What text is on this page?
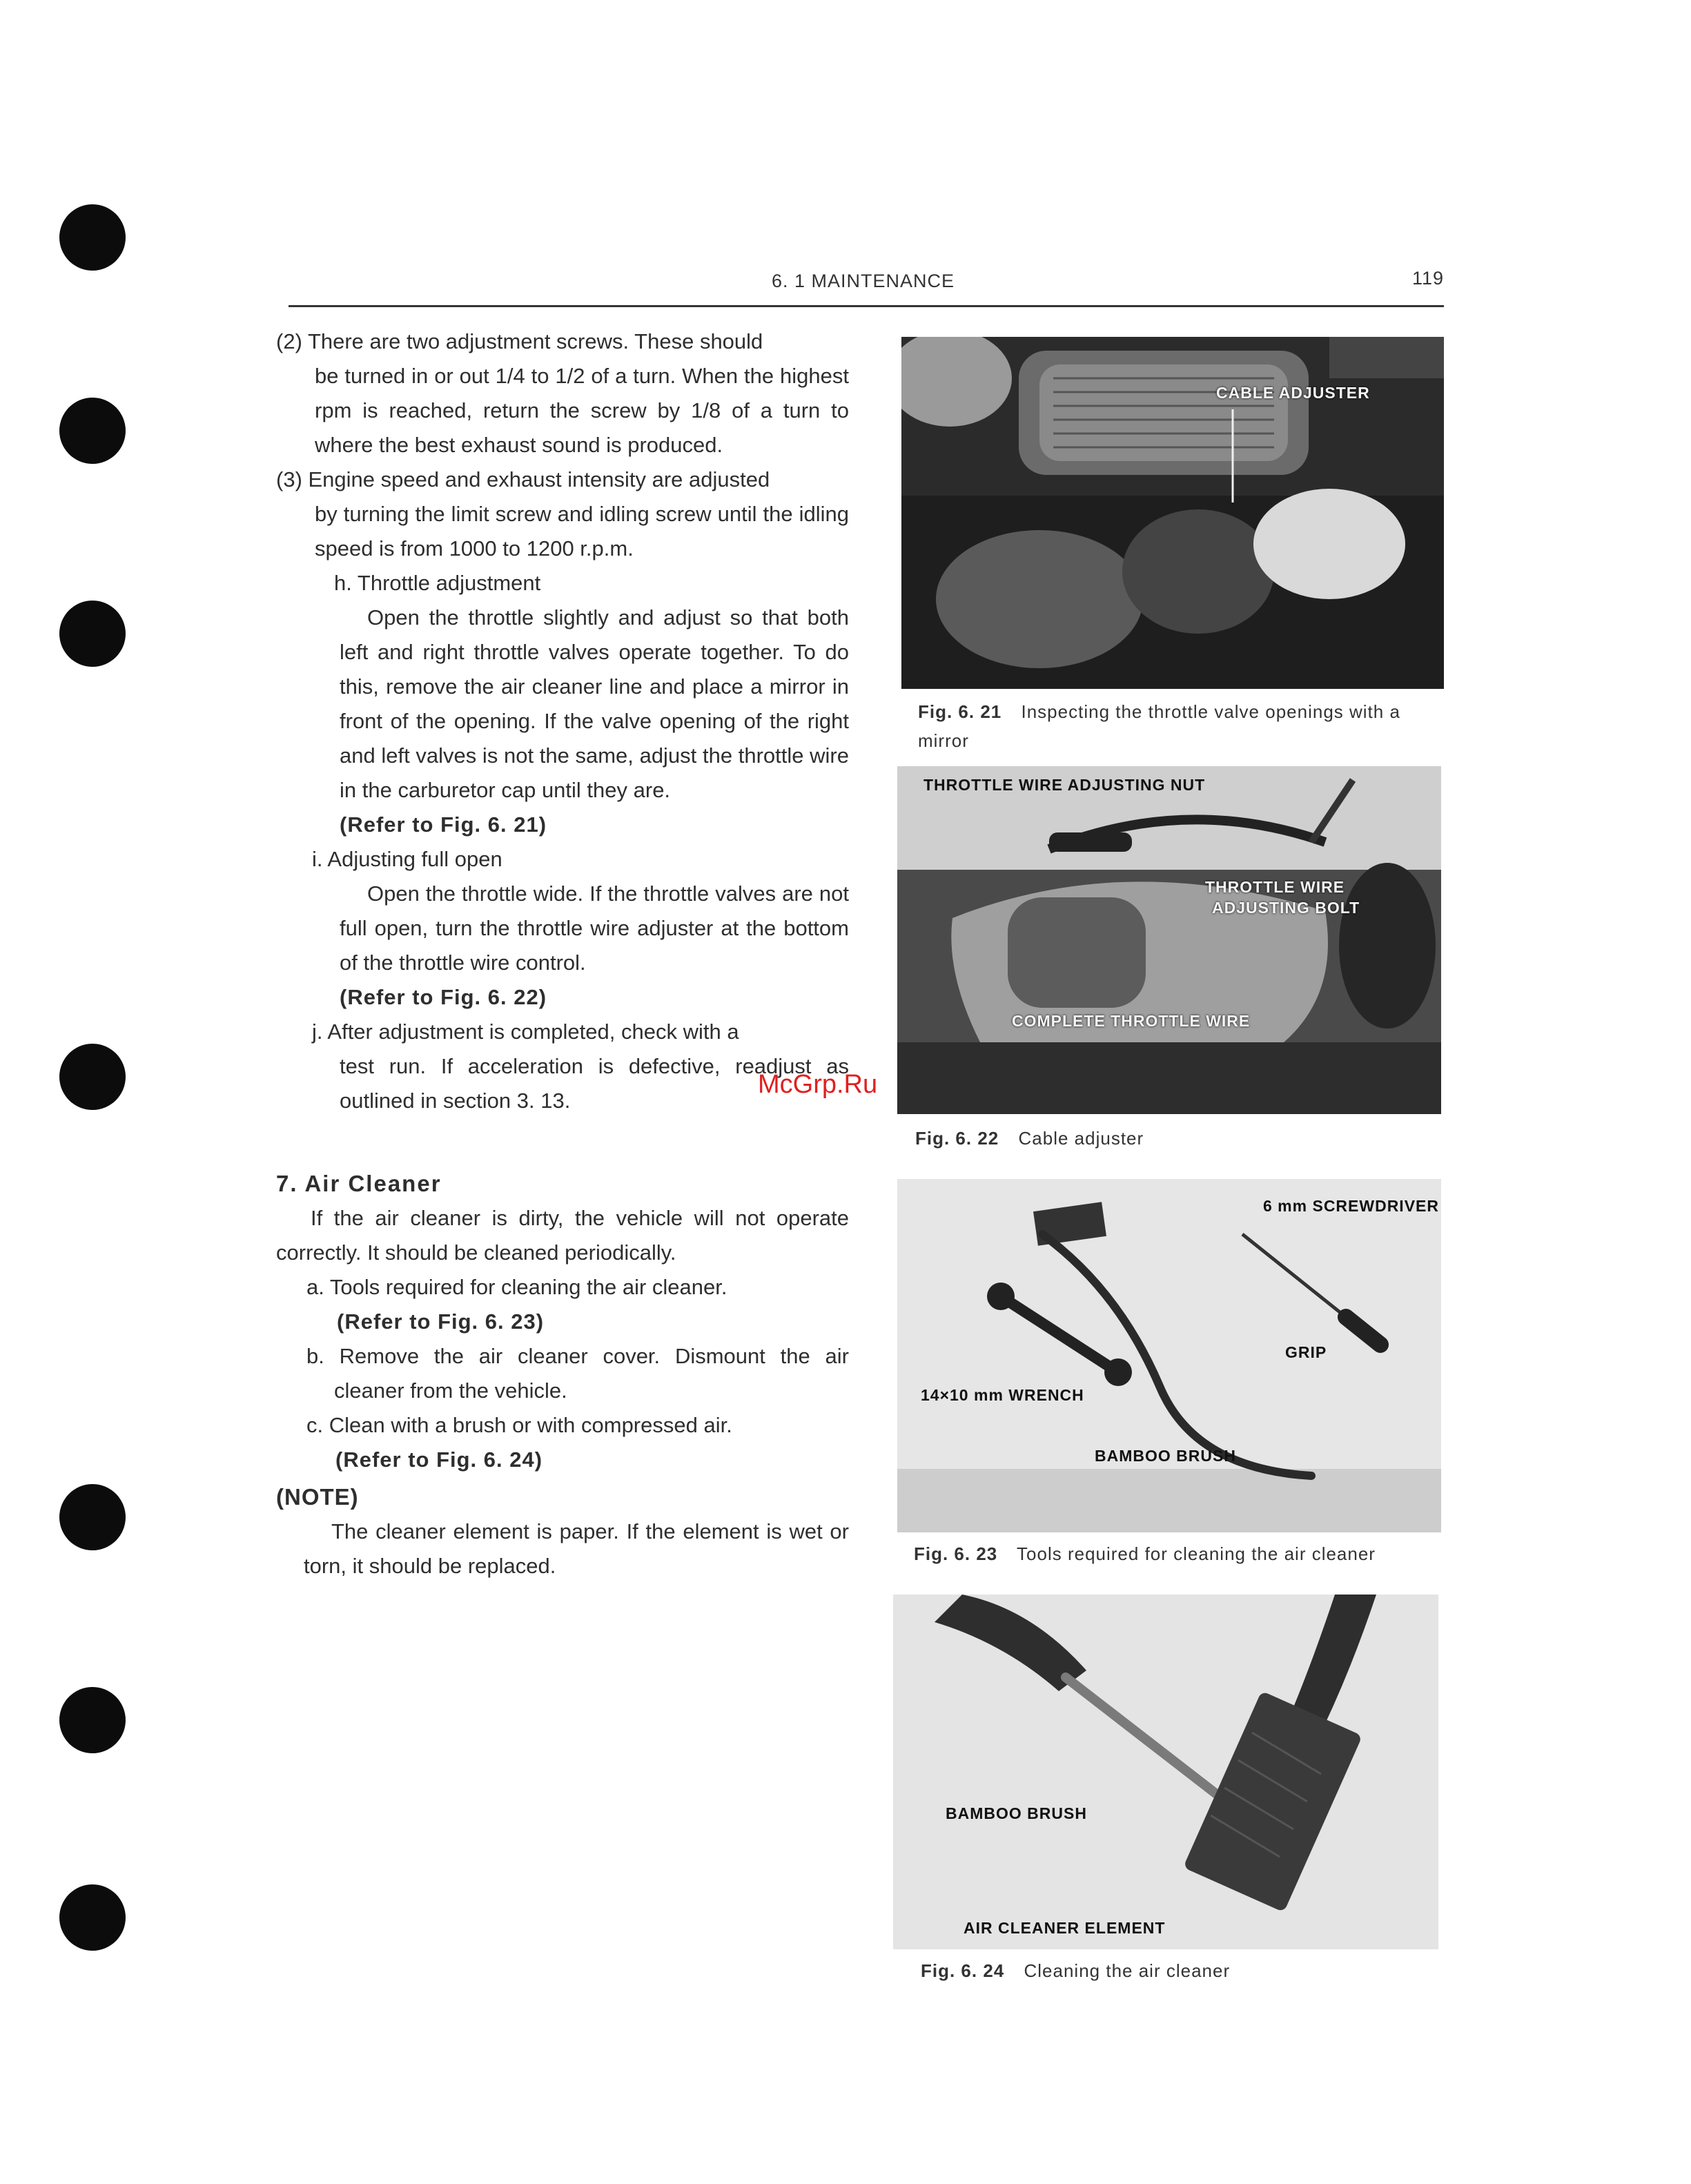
6. 1 MAINTENANCE	119

(2) There are two adjustment screws. These should

be turned in or out 1/4 to 1/2 of a turn. When the highest rpm is reached, return the screw by 1/8 of a turn to where the best exhaust sound is produced.

(3) Engine speed and exhaust intensity are adjusted

by turning the limit screw and idling screw until the idling speed is from 1000 to 1200 r.p.m.

h. Throttle adjustment

Open the throttle slightly and adjust so that both left and right throttle valves operate together. To do this, remove the air cleaner line and place a mirror in front of the opening. If the valve opening of the right and left valves is not the same, adjust the throttle wire in the carburetor cap until they are.

(Refer to Fig. 6. 21)

i. Adjusting full open

Open the throttle wide. If the throttle valves are not full open, turn the throttle wire adjuster at the bottom of the throttle wire control.

(Refer to Fig. 6. 22)

j. After adjustment is completed, check with a

test run. If acceleration is defective, readjust as outlined in section 3. 13.

7. Air Cleaner

If the air cleaner is dirty, the vehicle will not operate correctly. It should be cleaned periodically.

a. Tools required for cleaning the air cleaner.

(Refer to Fig. 6. 23)

b. Remove the air cleaner cover. Dismount the air cleaner from the vehicle.

c. Clean with a brush or with compressed air.

(Refer to Fig. 6. 24)

(NOTE)

The cleaner element is paper. If the element is wet or torn, it should be replaced.

CABLE ADJUSTER
Fig. 6. 21 Inspecting the throttle valve openings with a mirror
THROTTLE WIRE ADJUSTING NUT
THROTTLE WIRE
ADJUSTING BOLT
COMPLETE THROTTLE WIRE
Fig. 6. 22 Cable adjuster
6 mm SCREWDRIVER
GRIP
14×10 mm WRENCH
BAMBOO BRUSH
Fig. 6. 23 Tools required for cleaning the air cleaner
BAMBOO BRUSH
AIR CLEANER ELEMENT
Fig. 6. 24 Cleaning the air cleaner
McGrp.Ru
